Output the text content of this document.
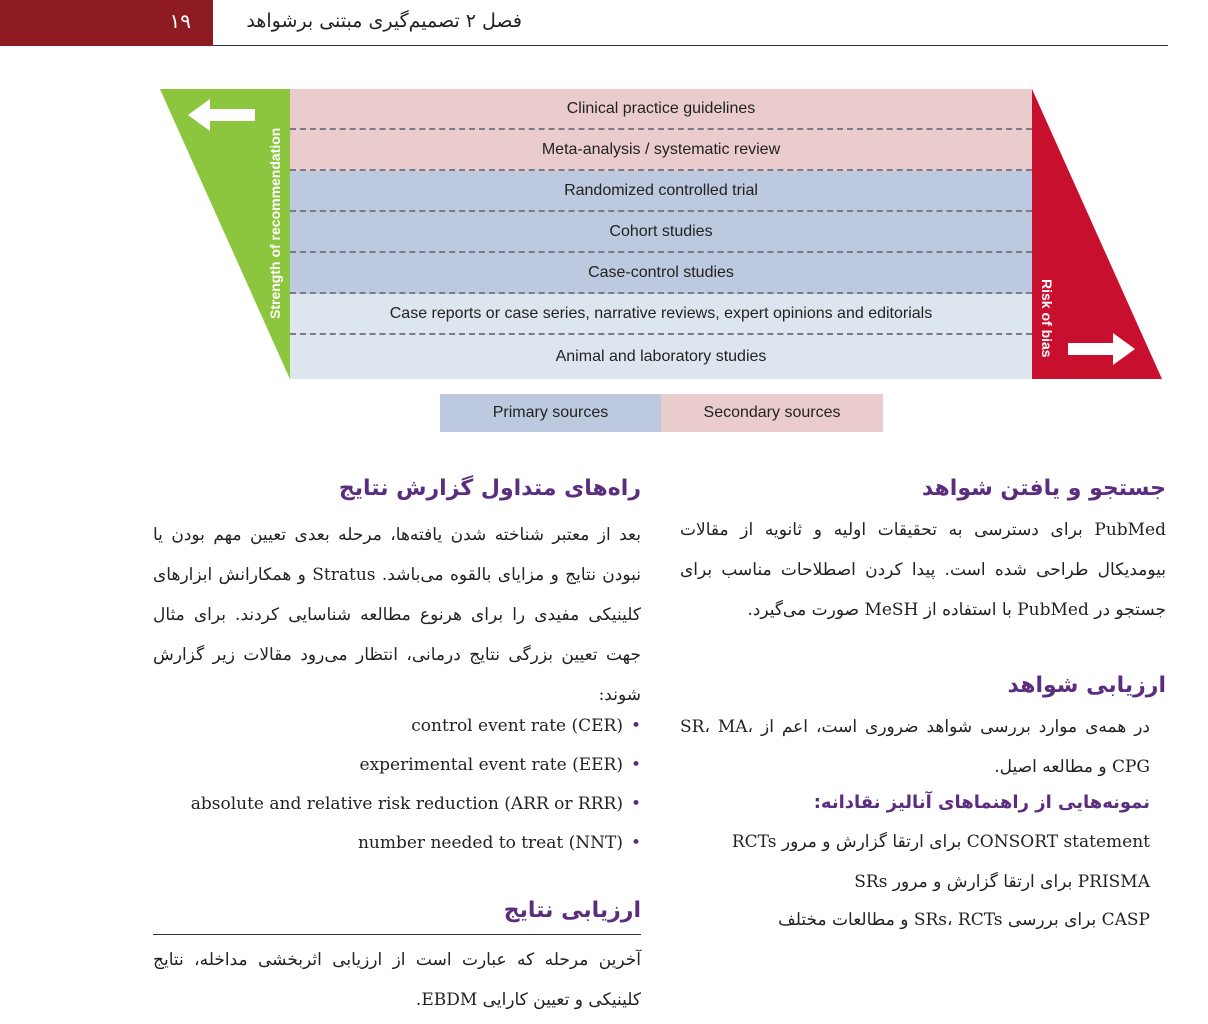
۱۹	فصل ۲ تصمیم‌گیری مبتنی برشواهد
Strength of recommendation	Risk of bias
Clinical practice guidelines
Meta-analysis / systematic review
Randomized controlled trial
Cohort studies
Case-control studies
Case reports or case series, narrative reviews, expert opinions and editorials
Animal and laboratory studies
Primary sources	Secondary sources
جستجو و یافتن شواهد
PubMed برای دسترسی به تحقیقات اولیه و ثانویه از مقالات بیومدیکال طراحی شده است. پیدا کردن اصطلاحات مناسب برای جستجو در PubMed با استفاده از MeSH صورت می‌گیرد.
ارزیابی شواهد
در همه‌ی موارد بررسی شواهد ضروری است، اعم از SR، MA، CPG و مطالعه اصیل.
نمونه‌هایی از راهنماهای آنالیز نقادانه:
CONSORT statement برای ارتقا گزارش و مرور RCTs
PRISMA برای ارتقا گزارش و مرور SRs
CASP برای بررسی SRs، RCTs و مطالعات مختلف
راه‌های متداول گزارش نتایج
بعد از معتبر شناخته شدن یافته‌ها، مرحله بعدی تعیین مهم بودن یا نبودن نتایج و مزایای بالقوه می‌باشد. Stratus و همکارانش ابزارهای کلینیکی مفیدی را برای هرنوع مطالعه شناسایی کردند. برای مثال جهت تعیین بزرگی نتایج درمانی، انتظار می‌رود مقالات زیر گزارش شوند:
•control event rate (CER)
•experimental event rate (EER)
•absolute and relative risk reduction (ARR or RRR)
•number needed to treat (NNT)
ارزیابی نتایج
آخرین مرحله که عبارت است از ارزیابی اثربخشی مداخله، نتایج کلینیکی و تعیین کارایی EBDM.
